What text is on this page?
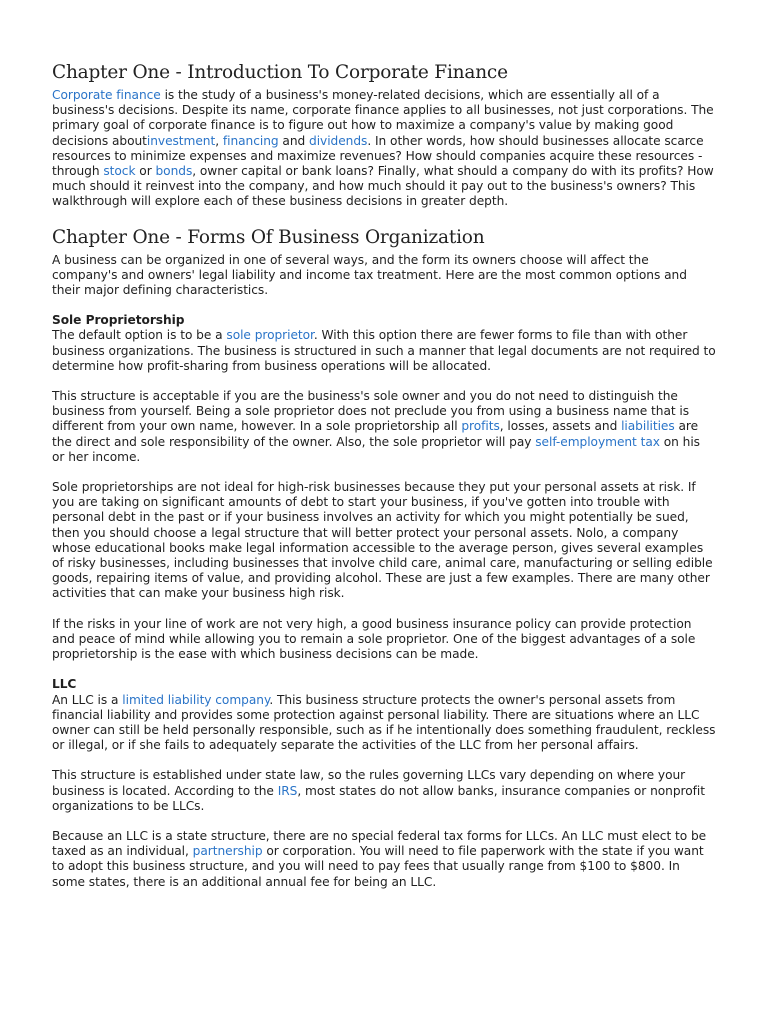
Chapter One - Introduction To Corporate Finance

Corporate finance is the study of a business's money-related decisions, which are essentially all of a business's decisions. Despite its name, corporate finance applies to all businesses, not just corporations. The primary goal of corporate finance is to figure out how to maximize a company's value by making good decisions aboutinvestment, financing and dividends. In other words, how should businesses allocate scarce resources to minimize expenses and maximize revenues? How should companies acquire these resources - through stock or bonds, owner capital or bank loans? Finally, what should a company do with its profits? How much should it reinvest into the company, and how much should it pay out to the business's owners? This walkthrough will explore each of these business decisions in greater depth.

Chapter One - Forms Of Business Organization

A business can be organized in one of several ways, and the form its owners choose will affect the company's and owners' legal liability and income tax treatment. Here are the most common options and their major defining characteristics.

Sole Proprietorship

The default option is to be a sole proprietor. With this option there are fewer forms to file than with other business organizations. The business is structured in such a manner that legal documents are not required to determine how profit-sharing from business operations will be allocated.

This structure is acceptable if you are the business's sole owner and you do not need to distinguish the business from yourself. Being a sole proprietor does not preclude you from using a business name that is different from your own name, however. In a sole proprietorship all profits, losses, assets and liabilities are the direct and sole responsibility of the owner. Also, the sole proprietor will pay self-employment tax on his or her income.

Sole proprietorships are not ideal for high-risk businesses because they put your personal assets at risk. If you are taking on significant amounts of debt to start your business, if you've gotten into trouble with personal debt in the past or if your business involves an activity for which you might potentially be sued, then you should choose a legal structure that will better protect your personal assets. Nolo, a company whose educational books make legal information accessible to the average person, gives several examples of risky businesses, including businesses that involve child care, animal care, manufacturing or selling edible goods, repairing items of value, and providing alcohol. These are just a few examples. There are many other activities that can make your business high risk.

If the risks in your line of work are not very high, a good business insurance policy can provide protection and peace of mind while allowing you to remain a sole proprietor. One of the biggest advantages of a sole proprietorship is the ease with which business decisions can be made.

LLC

An LLC is a limited liability company. This business structure protects the owner's personal assets from financial liability and provides some protection against personal liability. There are situations where an LLC owner can still be held personally responsible, such as if he intentionally does something fraudulent, reckless or illegal, or if she fails to adequately separate the activities of the LLC from her personal affairs.

This structure is established under state law, so the rules governing LLCs vary depending on where your business is located. According to the IRS, most states do not allow banks, insurance companies or nonprofit organizations to be LLCs.

Because an LLC is a state structure, there are no special federal tax forms for LLCs. An LLC must elect to be taxed as an individual, partnership or corporation. You will need to file paperwork with the state if you want to adopt this business structure, and you will need to pay fees that usually range from $100 to $800. In some states, there is an additional annual fee for being an LLC.
